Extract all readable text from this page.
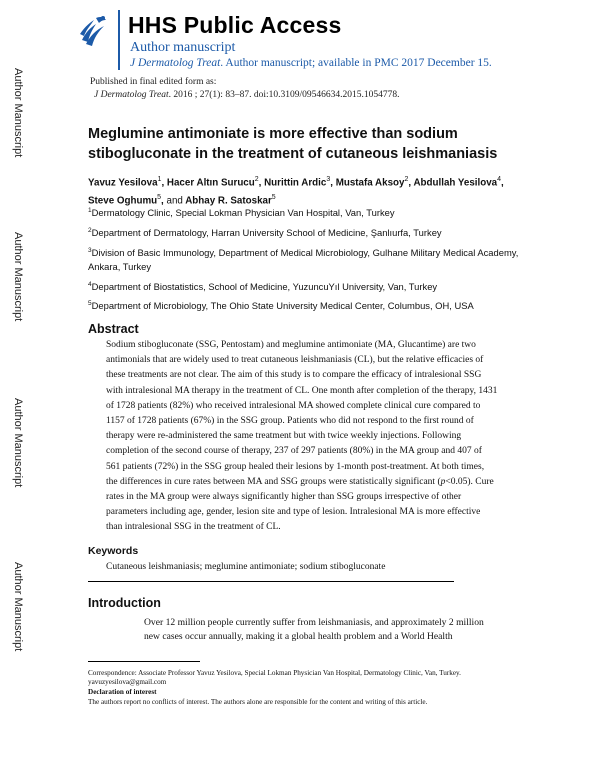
HHS Public Access
Author manuscript
J Dermatolog Treat. Author manuscript; available in PMC 2017 December 15.
Published in final edited form as:
J Dermatolog Treat. 2016 ; 27(1): 83–87. doi:10.3109/09546634.2015.1054778.
Author Manuscript
Author Manuscript
Author Manuscript
Author Manuscript
Meglumine antimoniate is more effective than sodium stibogluconate in the treatment of cutaneous leishmaniasis
Yavuz Yesilova$^1$, Hacer Altın Surucu$^2$, Nurittin Ardic$^3$, Mustafa Aksoy$^2$, Abdullah Yesilova$^4$, Steve Oghumu$^5$, and Abhay R. Satoskar$^5$
$^1$Dermatology Clinic, Special Lokman Physician Van Hospital, Van, Turkey
$^2$Department of Dermatology, Harran University School of Medicine, Şanlıurfa, Turkey
$^3$Division of Basic Immunology, Department of Medical Microbiology, Gulhane Military Medical Academy, Ankara, Turkey
$^4$Department of Biostatistics, School of Medicine, YuzuncuYıl University, Van, Turkey
$^5$Department of Microbiology, The Ohio State University Medical Center, Columbus, OH, USA
Abstract
Sodium stibogluconate (SSG, Pentostam) and meglumine antimoniate (MA, Glucantime) are two antimonials that are widely used to treat cutaneous leishmaniasis (CL), but the relative efficacies of these treatments are not clear. The aim of this study is to compare the efficacy of intralesional SSG with intralesional MA therapy in the treatment of CL. One month after completion of the therapy, 1431 of 1728 patients (82%) who received intralesional MA showed complete clinical cure compared to 1157 of 1728 patients (67%) in the SSG group. Patients who did not respond to the first round of therapy were re-administered the same treatment but with twice weekly injections. Following completion of the second course of therapy, 237 of 297 patients (80%) in the MA group and 407 of 561 patients (72%) in the SSG group healed their lesions by 1-month post-treatment. At both times, the differences in cure rates between MA and SSG groups were statistically significant (p<0.05). Cure rates in the MA group were always significantly higher than SSG groups irrespective of other parameters including age, gender, lesion site and type of lesion. Intralesional MA is more effective than intralesional SSG in the treatment of CL.
Keywords
Cutaneous leishmaniasis; meglumine antimoniate; sodium stibogluconate
Introduction
Over 12 million people currently suffer from leishmaniasis, and approximately 2 million
new cases occur annually, making it a global health problem and a World Health
Correspondence: Associate Professor Yavuz Yesilova, Special Lokman Physician Van Hospital, Dermatology Clinic, Van, Turkey.
yavuzyesilova@gmail.com
Declaration of interest
The authors report no conflicts of interest. The authors alone are responsible for the content and writing of this article.
